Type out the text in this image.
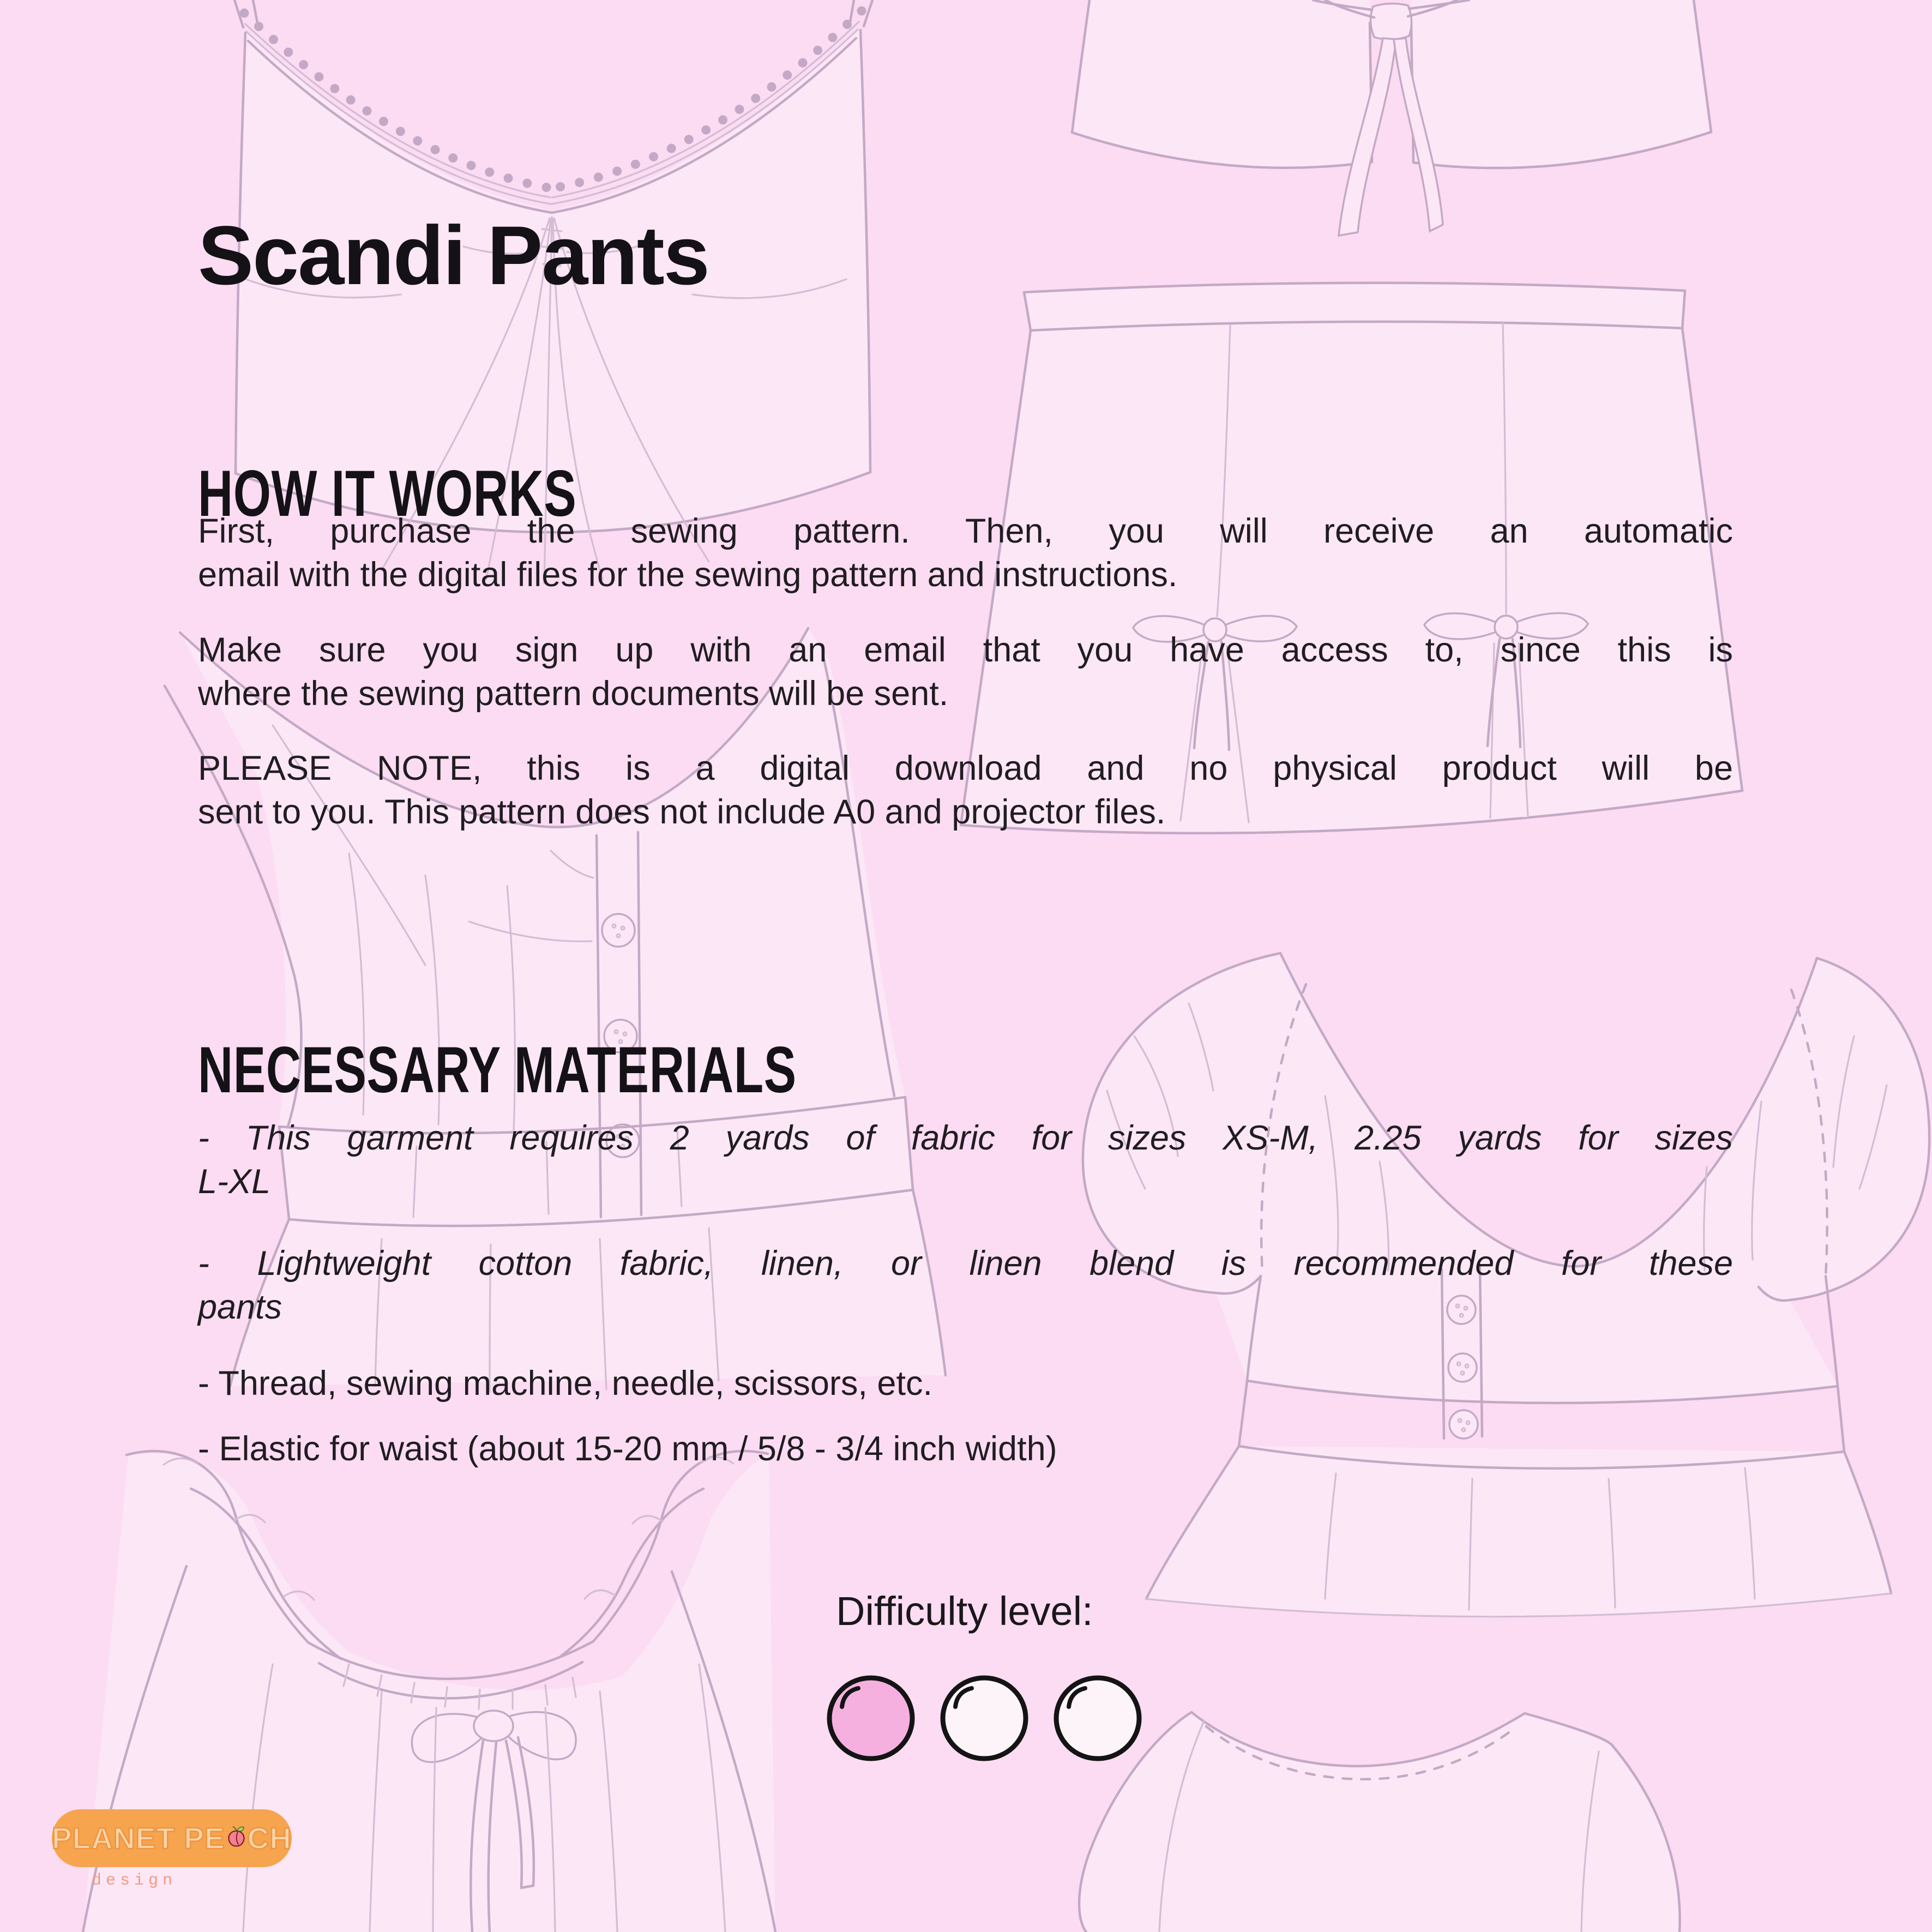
Scandi Pants
HOW IT WORKS
First, purchase the sewing pattern. Then, you will receive an automatic
email with the digital files for the sewing pattern and instructions.
Make sure you sign up with an email that you have access to, since this is
where the sewing pattern documents will be sent.
PLEASE NOTE, this is a digital download and no physical product will be
sent to you. This pattern does not include A0 and projector files.
NECESSARY MATERIALS
- This garment requires 2 yards of fabric for sizes XS-M, 2.25 yards for sizes
L-XL
- Lightweight cotton fabric, linen, or linen blend is recommended for these
pants
- Thread, sewing machine, needle, scissors, etc.
- Elastic for waist (about 15-20 mm / 5/8 - 3/4 inch width)
Difficulty level:
PLANET PE CH
design
